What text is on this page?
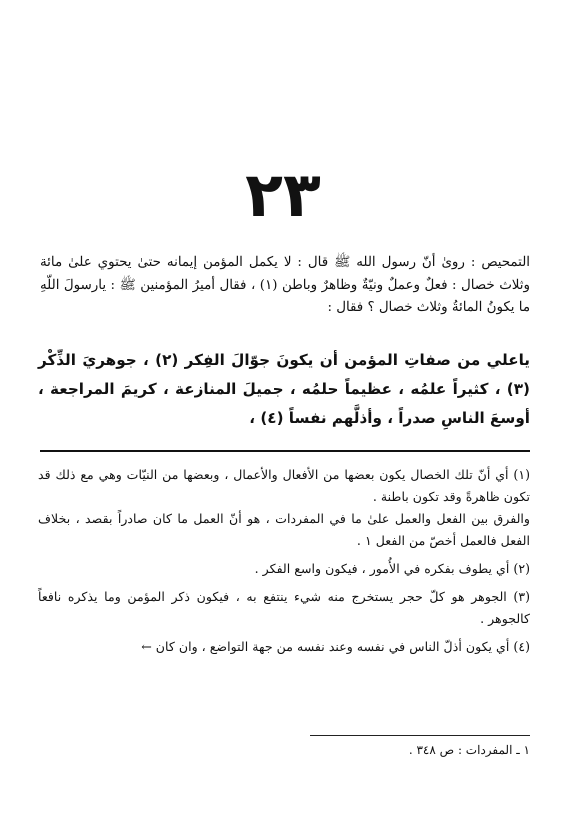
٢٣

التمحيص : روىٰ أنّ رسول الله ﷺ قال : لا يكمل المؤمن إيمانه حتىٰ يحتوي علىٰ مائة وثلاث خصال : فعلٌ وعملٌ ونيّةٌ وظاهرٌ وباطن (١) ، فقال أميرُ المؤمنين ﷺ : يارسولَ اللّهِ ما يكونُ المائةُ وثلاث خصال ؟ فقال :

ياعلي من صفاتِ المؤمن أن يكونَ جوّالَ الفِكر (٢) ، جوهريَ الذِّكْر (٣) ، كثيراً علمُه ، عظيماً حلمُه ، جميلَ المنازعة ، كريمَ المراجعة ، أوسعَ الناسِ صدراً ، وأذلَّهم نفساً (٤) ،

(١) أي أنّ تلك الخصال يكون بعضها من الأفعال والأعمال ، وبعضها من النيّات وهي مع ذلك قد تكون ظاهرةً وقد تكون باطنة .

والفرق بين الفعل والعمل علىٰ ما في المفردات ، هو أنّ العمل ما كان صادراً بقصد ، بخلاف الفعل فالعمل أخصّ من الفعل ١ .

(٢) أي يطوف بفكره في الأُمور ، فيكون واسع الفكر .

(٣) الجوهر هو كلّ حجر يستخرج منه شيء ينتفع به ، فيكون ذكر المؤمن وما يذكره نافعاً كالجوهر .

(٤) أي يكون أذلّ الناس في نفسه وعند نفسه من جهة التواضع ، وان كان ←

١ ـ المفردات : ص ٣٤٨ .
